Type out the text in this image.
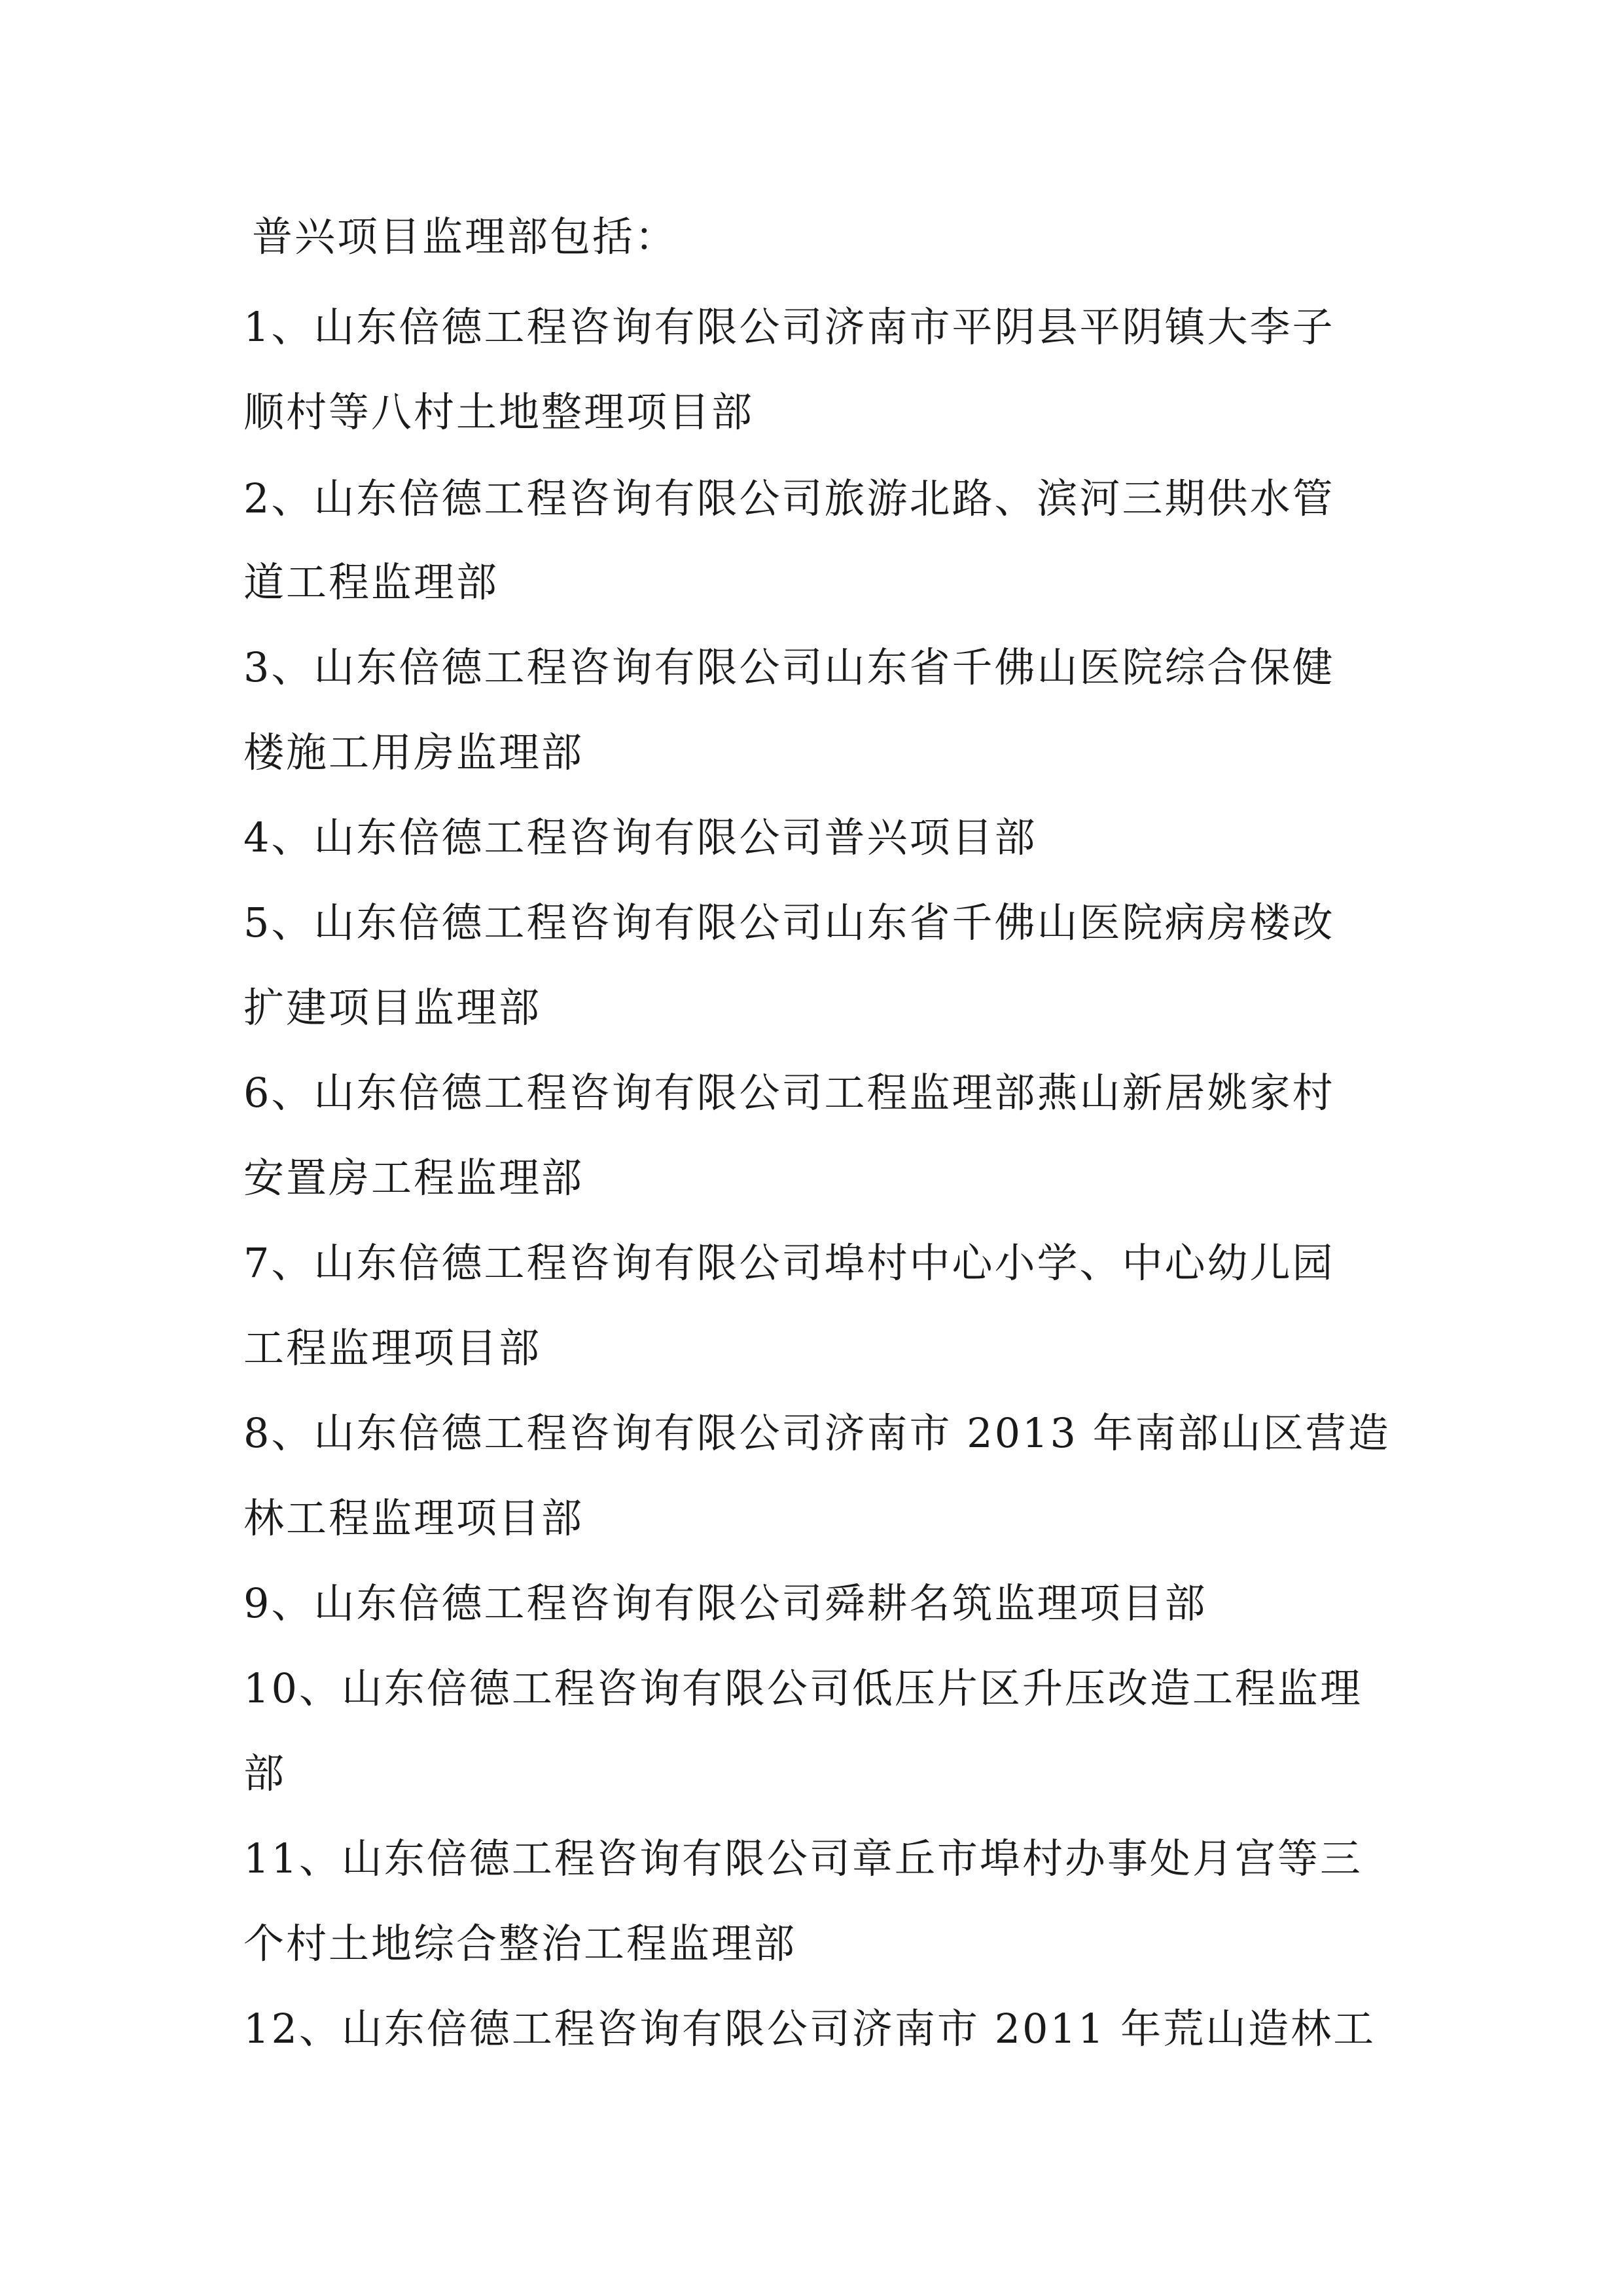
普兴项目监理部包括：
1、山东倍德工程咨询有限公司济南市平阴县平阴镇大李子
顺村等八村土地整理项目部
2、山东倍德工程咨询有限公司旅游北路、滨河三期供水管
道工程监理部
3、山东倍德工程咨询有限公司山东省千佛山医院综合保健
楼施工用房监理部
4、山东倍德工程咨询有限公司普兴项目部
5、山东倍德工程咨询有限公司山东省千佛山医院病房楼改
扩建项目监理部
6、山东倍德工程咨询有限公司工程监理部燕山新居姚家村
安置房工程监理部
7、山东倍德工程咨询有限公司埠村中心小学、中心幼儿园
工程监理项目部
8、山东倍德工程咨询有限公司济南市 2013 年南部山区营造
林工程监理项目部
9、山东倍德工程咨询有限公司舜耕名筑监理项目部
10、山东倍德工程咨询有限公司低压片区升压改造工程监理
部
11、山东倍德工程咨询有限公司章丘市埠村办事处月宫等三
个村土地综合整治工程监理部
12、山东倍德工程咨询有限公司济南市 2011 年荒山造林工
